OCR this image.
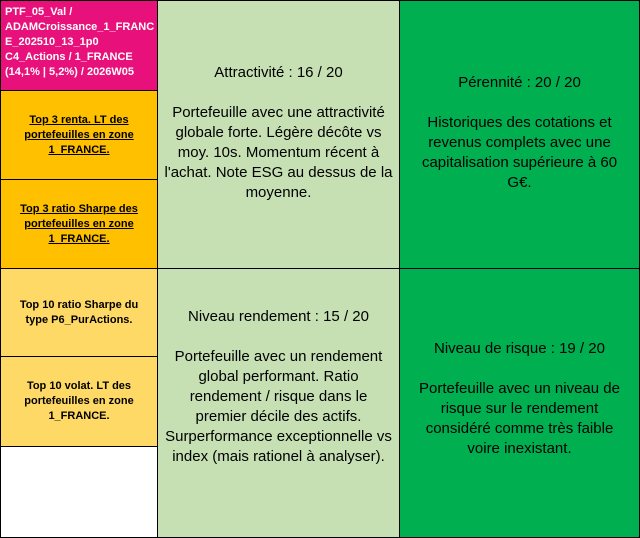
PTF_05_Val /
ADAMCroissance_1_FRANC
E_202510_13_1p0
C4_Actions / 1_FRANCE
(14,1% | 5,2%) / 2026W05
Top 3 renta. LT des portefeuilles en zone 1_FRANCE.
Top 3 ratio Sharpe des portefeuilles en zone 1_FRANCE.
Top 10 ratio Sharpe du type P6_PurActions.
Top 10 volat. LT des portefeuilles en zone 1_FRANCE.
Attractivité : 16 / 20
Portefeuille avec une attractivité globale forte. Légère décôte vs moy. 10s. Momentum récent à l'achat. Note ESG au dessus de la moyenne.
Niveau rendement : 15 / 20
Portefeuille avec un rendement global performant. Ratio rendement / risque dans le premier décile des actifs. Surperformance exceptionnelle vs index (mais rationel à analyser).
Pérennité : 20 / 20
Historiques des cotations et revenus complets avec une capitalisation supérieure à 60 G€.
Niveau de risque : 19 / 20
Portefeuille avec un niveau de risque sur le rendement considéré comme très faible voire inexistant.
